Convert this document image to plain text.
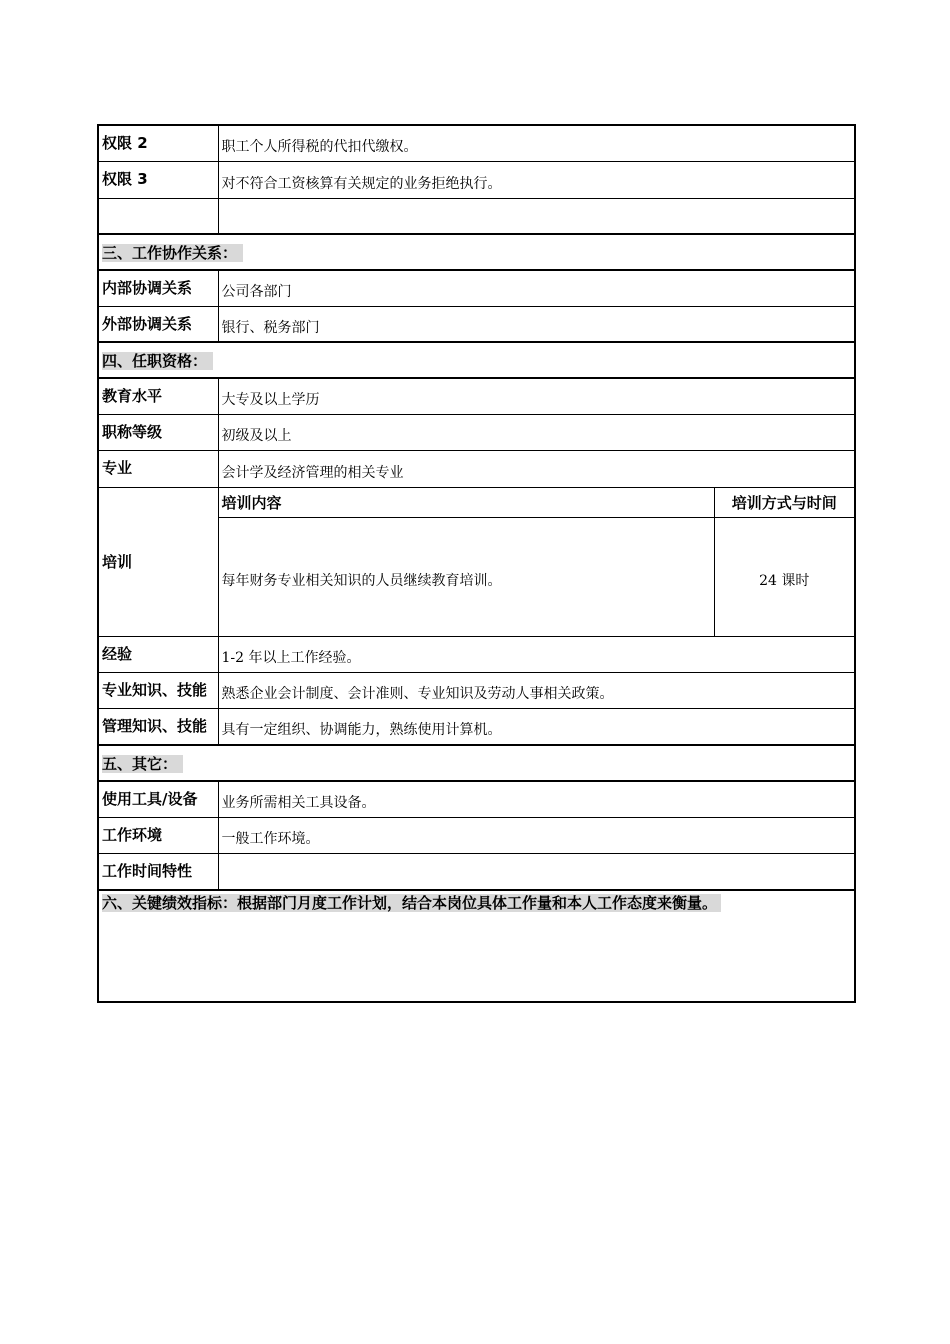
权限 2	职工个人所得税的代扣代缴权。	
权限 3	对不符合工资核算有关规定的业务拒绝执行。	

三、工作协作关系：		
内部协调关系	公司各部门	
外部协调关系	银行、税务部门	
四、任职资格：		
教育水平	大专及以上学历	
职称等级	初级及以上	
专业	会计学及经济管理的相关专业	
培训	培训内容	培训方式与时间
	每年财务专业相关知识的人员继续教育培训。	24 课时
经验	1-2 年以上工作经验。	
专业知识、技能	熟悉企业会计制度、会计准则、专业知识及劳动人事相关政策。	
管理知识、技能	具有一定组织、协调能力，熟练使用计算机。	
五、其它：		
使用工具/设备	业务所需相关工具设备。	
工作环境	一般工作环境。	
工作时间特性		
六、关键绩效指标：根据部门月度工作计划，结合本岗位具体工作量和本人工作态度来衡量。		
